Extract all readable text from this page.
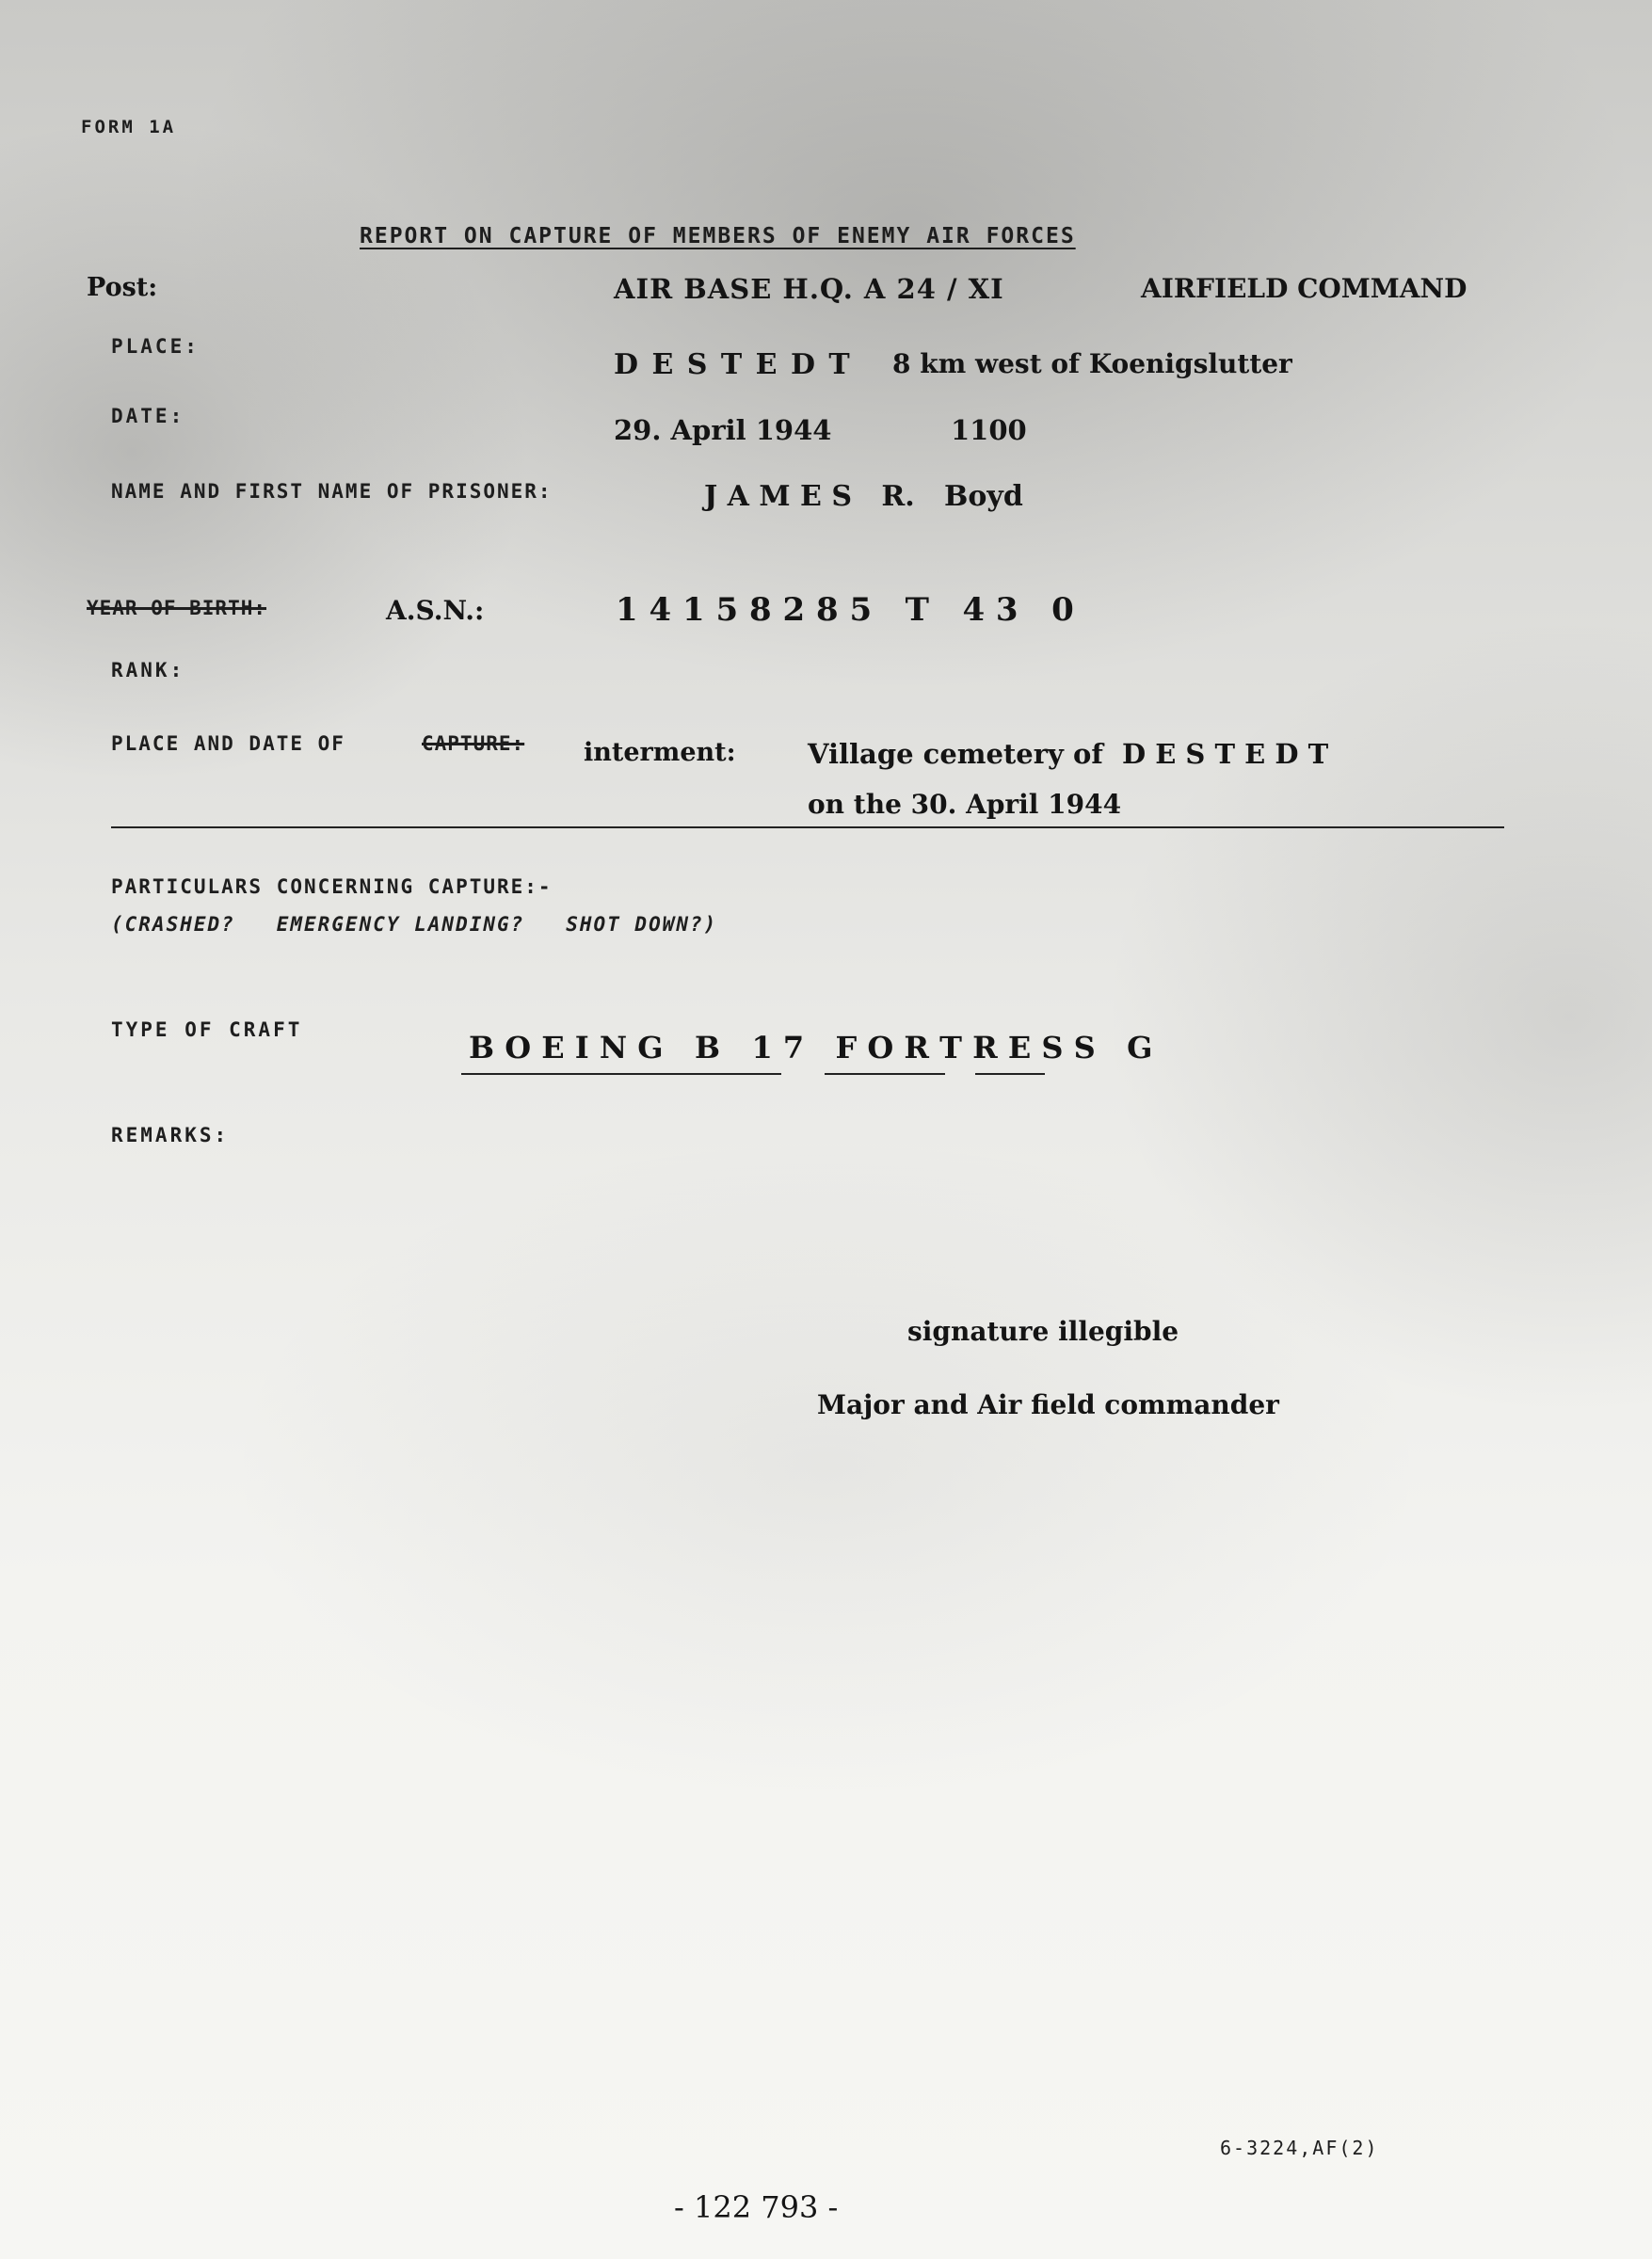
FORM 1A
REPORT ON CAPTURE OF MEMBERS OF ENEMY AIR FORCES
Post:	AIR BASE H.Q. A 24 / XI	AIRFIELD COMMAND
PLACE:
D E S T E D T 8 km west of Koenigslutter
DATE:	29. April 1944	1100
NAME AND FIRST NAME OF PRISONER:	J A M E S   R.   Boyd
YEAR OF BIRTH:	A.S.N.:	1 4 1 5 8 2 8 5   T   4 3   0
RANK:
PLACE AND DATE OF	CAPTURE: interment:	Village cemetery of  D E S T E D T
on the 30. April 1944
PARTICULARS CONCERNING CAPTURE:-
(CRASHED?   EMERGENCY LANDING?   SHOT DOWN?)
TYPE OF CRAFT	B O E I N G   B   1 7   F O R T R E S S   G
REMARKS:
signature illegible
Major and Air field commander
6-3224,AF(2)
- 122 793 -
